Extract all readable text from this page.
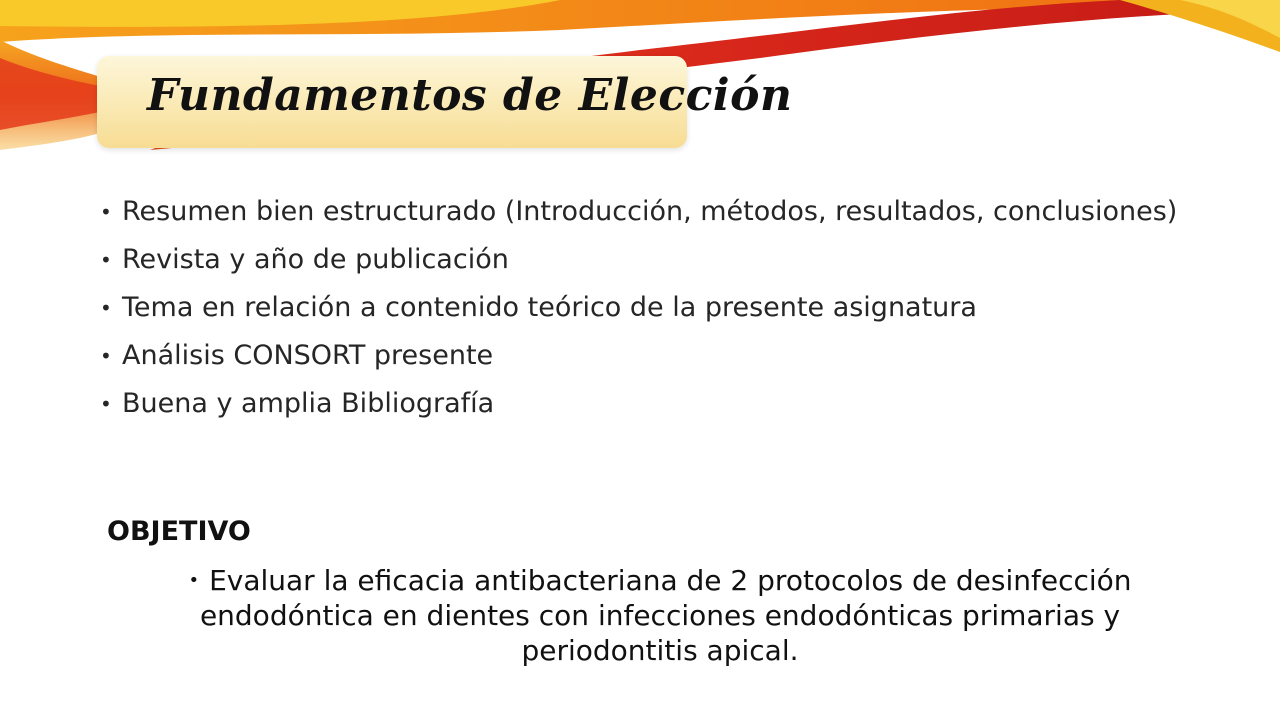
Fundamentos de Elección
• Resumen bien estructurado (Introducción, métodos, resultados, conclusiones)
• Revista y año de publicación
• Tema en relación a contenido teórico de la presente asignatura
• Análisis CONSORT presente
• Buena y amplia Bibliografía
OBJETIVO

• Evaluar la eficacia antibacteriana de 2 protocolos de desinfección endodóntica en dientes con infecciones endodónticas primarias y periodontitis apical.
